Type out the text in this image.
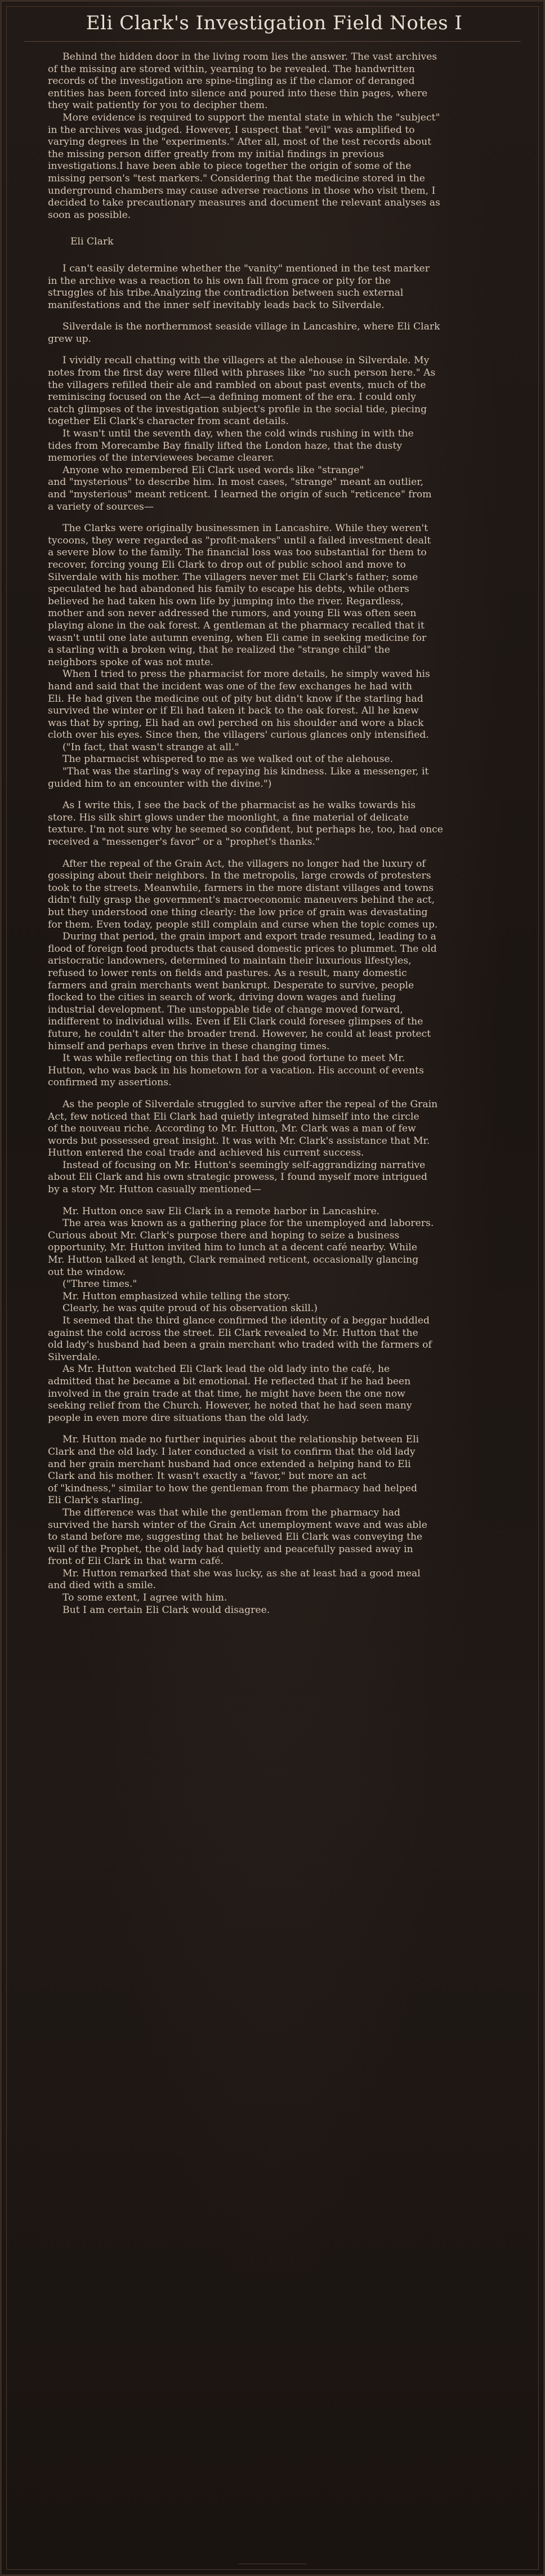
Eli Clark's Investigation Field Notes I
Behind the hidden door in the living room lies the answer. The vast archives
of the missing are stored within, yearning to be revealed. The handwritten
records of the investigation are spine-tingling as if the clamor of deranged
entities has been forced into silence and poured into these thin pages, where
they wait patiently for you to decipher them.
More evidence is required to support the mental state in which the "subject"
in the archives was judged. However, I suspect that "evil" was amplified to
varying degrees in the "experiments." After all, most of the test records about
the missing person differ greatly from my initial findings in previous
investigations.I have been able to piece together the origin of some of the
missing person's "test markers." Considering that the medicine stored in the
underground chambers may cause adverse reactions in those who visit them, I
decided to take precautionary measures and document the relevant analyses as
soon as possible.
Eli Clark
I can't easily determine whether the "vanity" mentioned in the test marker
in the archive was a reaction to his own fall from grace or pity for the
struggles of his tribe.Analyzing the contradiction between such external
manifestations and the inner self inevitably leads back to Silverdale.
Silverdale is the northernmost seaside village in Lancashire, where Eli Clark
grew up.
I vividly recall chatting with the villagers at the alehouse in Silverdale. My
notes from the first day were filled with phrases like "no such person here." As
the villagers refilled their ale and rambled on about past events, much of the
reminiscing focused on the Act—a defining moment of the era. I could only
catch glimpses of the investigation subject's profile in the social tide, piecing
together Eli Clark's character from scant details.
It wasn't until the seventh day, when the cold winds rushing in with the
tides from Morecambe Bay finally lifted the London haze, that the dusty
memories of the interviewees became clearer.
Anyone who remembered Eli Clark used words like "strange"
and "mysterious" to describe him. In most cases, "strange" meant an outlier,
and "mysterious" meant reticent. I learned the origin of such "reticence" from
a variety of sources—
The Clarks were originally businessmen in Lancashire. While they weren't
tycoons, they were regarded as "profit-makers" until a failed investment dealt
a severe blow to the family. The financial loss was too substantial for them to
recover, forcing young Eli Clark to drop out of public school and move to
Silverdale with his mother. The villagers never met Eli Clark's father; some
speculated he had abandoned his family to escape his debts, while others
believed he had taken his own life by jumping into the river. Regardless,
mother and son never addressed the rumors, and young Eli was often seen
playing alone in the oak forest. A gentleman at the pharmacy recalled that it
wasn't until one late autumn evening, when Eli came in seeking medicine for
a starling with a broken wing, that he realized the "strange child" the
neighbors spoke of was not mute.
When I tried to press the pharmacist for more details, he simply waved his
hand and said that the incident was one of the few exchanges he had with
Eli. He had given the medicine out of pity but didn't know if the starling had
survived the winter or if Eli had taken it back to the oak forest. All he knew
was that by spring, Eli had an owl perched on his shoulder and wore a black
cloth over his eyes. Since then, the villagers' curious glances only intensified.
("In fact, that wasn't strange at all."
The pharmacist whispered to me as we walked out of the alehouse.
"That was the starling's way of repaying his kindness. Like a messenger, it
guided him to an encounter with the divine.")
As I write this, I see the back of the pharmacist as he walks towards his
store. His silk shirt glows under the moonlight, a fine material of delicate
texture. I'm not sure why he seemed so confident, but perhaps he, too, had once
received a "messenger's favor" or a "prophet's thanks."
After the repeal of the Grain Act, the villagers no longer had the luxury of
gossiping about their neighbors. In the metropolis, large crowds of protesters
took to the streets. Meanwhile, farmers in the more distant villages and towns
didn't fully grasp the government's macroeconomic maneuvers behind the act,
but they understood one thing clearly: the low price of grain was devastating
for them. Even today, people still complain and curse when the topic comes up.
During that period, the grain import and export trade resumed, leading to a
flood of foreign food products that caused domestic prices to plummet. The old
aristocratic landowners, determined to maintain their luxurious lifestyles,
refused to lower rents on fields and pastures. As a result, many domestic
farmers and grain merchants went bankrupt. Desperate to survive, people
flocked to the cities in search of work, driving down wages and fueling
industrial development. The unstoppable tide of change moved forward,
indifferent to individual wills. Even if Eli Clark could foresee glimpses of the
future, he couldn't alter the broader trend. However, he could at least protect
himself and perhaps even thrive in these changing times.
It was while reflecting on this that I had the good fortune to meet Mr.
Hutton, who was back in his hometown for a vacation. His account of events
confirmed my assertions.
As the people of Silverdale struggled to survive after the repeal of the Grain
Act, few noticed that Eli Clark had quietly integrated himself into the circle
of the nouveau riche. According to Mr. Hutton, Mr. Clark was a man of few
words but possessed great insight. It was with Mr. Clark's assistance that Mr.
Hutton entered the coal trade and achieved his current success.
Instead of focusing on Mr. Hutton's seemingly self-aggrandizing narrative
about Eli Clark and his own strategic prowess, I found myself more intrigued
by a story Mr. Hutton casually mentioned—
Mr. Hutton once saw Eli Clark in a remote harbor in Lancashire.
The area was known as a gathering place for the unemployed and laborers.
Curious about Mr. Clark's purpose there and hoping to seize a business
opportunity, Mr. Hutton invited him to lunch at a decent café nearby. While
Mr. Hutton talked at length, Clark remained reticent, occasionally glancing
out the window.
("Three times."
Mr. Hutton emphasized while telling the story.
Clearly, he was quite proud of his observation skill.)
It seemed that the third glance confirmed the identity of a beggar huddled
against the cold across the street. Eli Clark revealed to Mr. Hutton that the
old lady's husband had been a grain merchant who traded with the farmers of
Silverdale.
As Mr. Hutton watched Eli Clark lead the old lady into the café, he
admitted that he became a bit emotional. He reflected that if he had been
involved in the grain trade at that time, he might have been the one now
seeking relief from the Church. However, he noted that he had seen many
people in even more dire situations than the old lady.
Mr. Hutton made no further inquiries about the relationship between Eli
Clark and the old lady. I later conducted a visit to confirm that the old lady
and her grain merchant husband had once extended a helping hand to Eli
Clark and his mother. It wasn't exactly a "favor," but more an act
of "kindness," similar to how the gentleman from the pharmacy had helped
Eli Clark's starling.
The difference was that while the gentleman from the pharmacy had
survived the harsh winter of the Grain Act unemployment wave and was able
to stand before me, suggesting that he believed Eli Clark was conveying the
will of the Prophet, the old lady had quietly and peacefully passed away in
front of Eli Clark in that warm café.
Mr. Hutton remarked that she was lucky, as she at least had a good meal
and died with a smile.
To some extent, I agree with him.
But I am certain Eli Clark would disagree.
